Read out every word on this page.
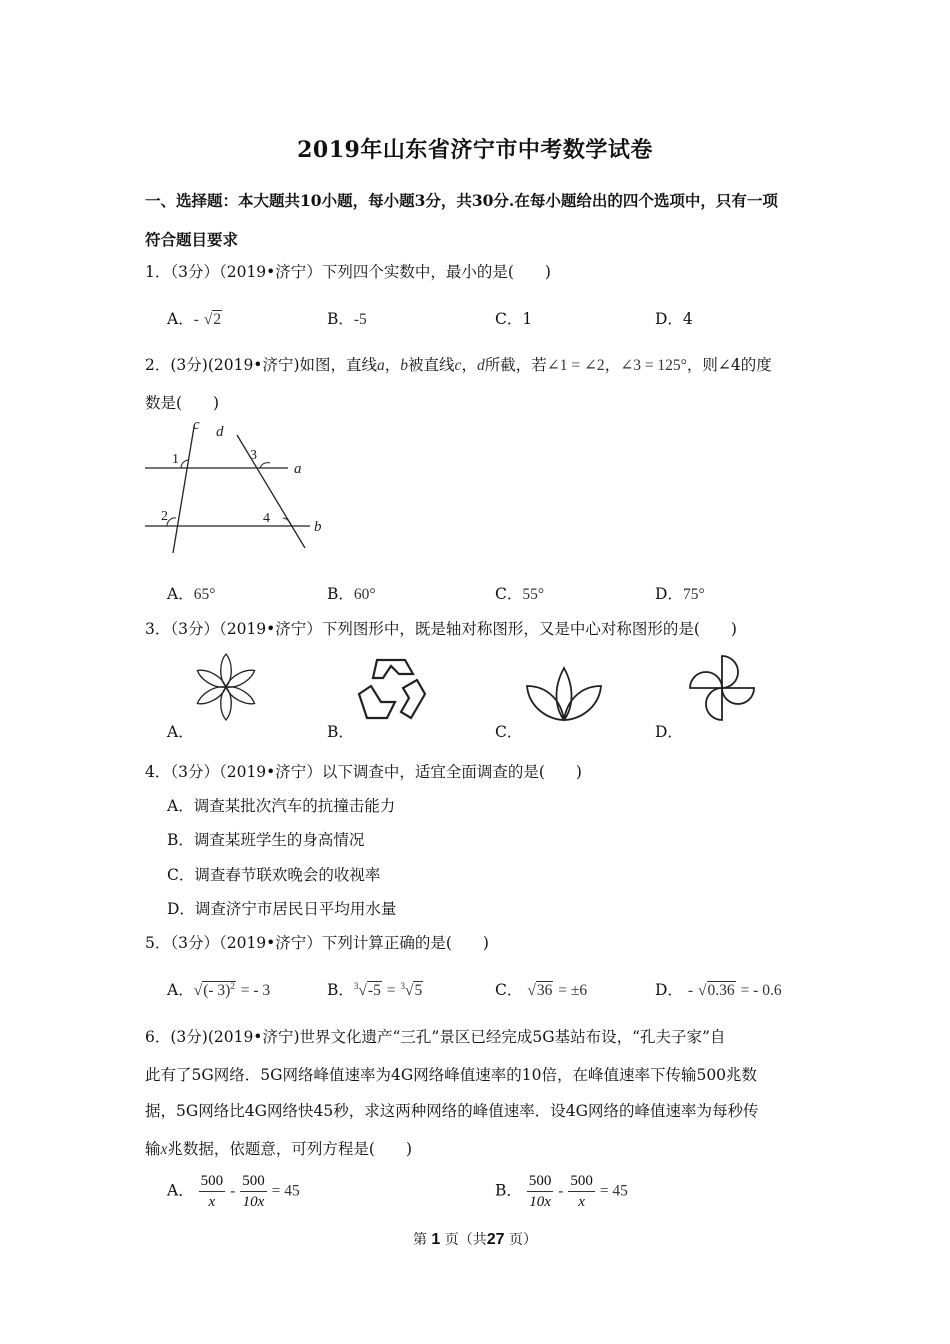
2019年山东省济宁市中考数学试卷
一、选择题：本大题共10小题，每小题3分，共30分.在每小题给出的四个选项中，只有一项
符合题目要求
1．（3分）（2019•济宁）下列四个实数中，最小的是(　　)
A．- √2	B．-5	C．1	D．4
2．(3分)(2019•济宁)如图，直线a，b被直线c，d所截，若∠1 = ∠2，∠3 = 125°，则∠4的度
数是(　　)
c d
a
b
1
2
3
4
A．65°	B．60°	C．55°	D．75°
3．（3分）（2019•济宁）下列图形中，既是轴对称图形，又是中心对称图形的是(　　)
A．	B．	C．	D．
4．（3分）（2019•济宁）以下调查中，适宜全面调查的是(　　)
A．调查某批次汽车的抗撞击能力
B．调查某班学生的身高情况
C．调查春节联欢晚会的收视率
D．调查济宁市居民日平均用水量
5．（3分）（2019•济宁）下列计算正确的是(　　)
A．√(- 3)$^2$ = - 3	B．$^3$√-5 = $^3$√5	C． √36 = ±6	D． - √0.36 = - 0.6
6．(3分)(2019•济宁)世界文化遗产“三孔”景区已经完成5G基站布设，“孔夫子家”自
此有了5G网络．5G网络峰值速率为4G网络峰值速率的10倍，在峰值速率下传输500兆数
据，5G网络比4G网络快45秒，求这两种网络的峰值速率．设4G网络的峰值速率为每秒传
输x兆数据，依题意，可列方程是(　　)
A． $\frac{500}{x} - \frac{500}{10x} = 45$	B． $\frac{500}{10x} - \frac{500}{x} = 45$
第 1 页（共27 页）
